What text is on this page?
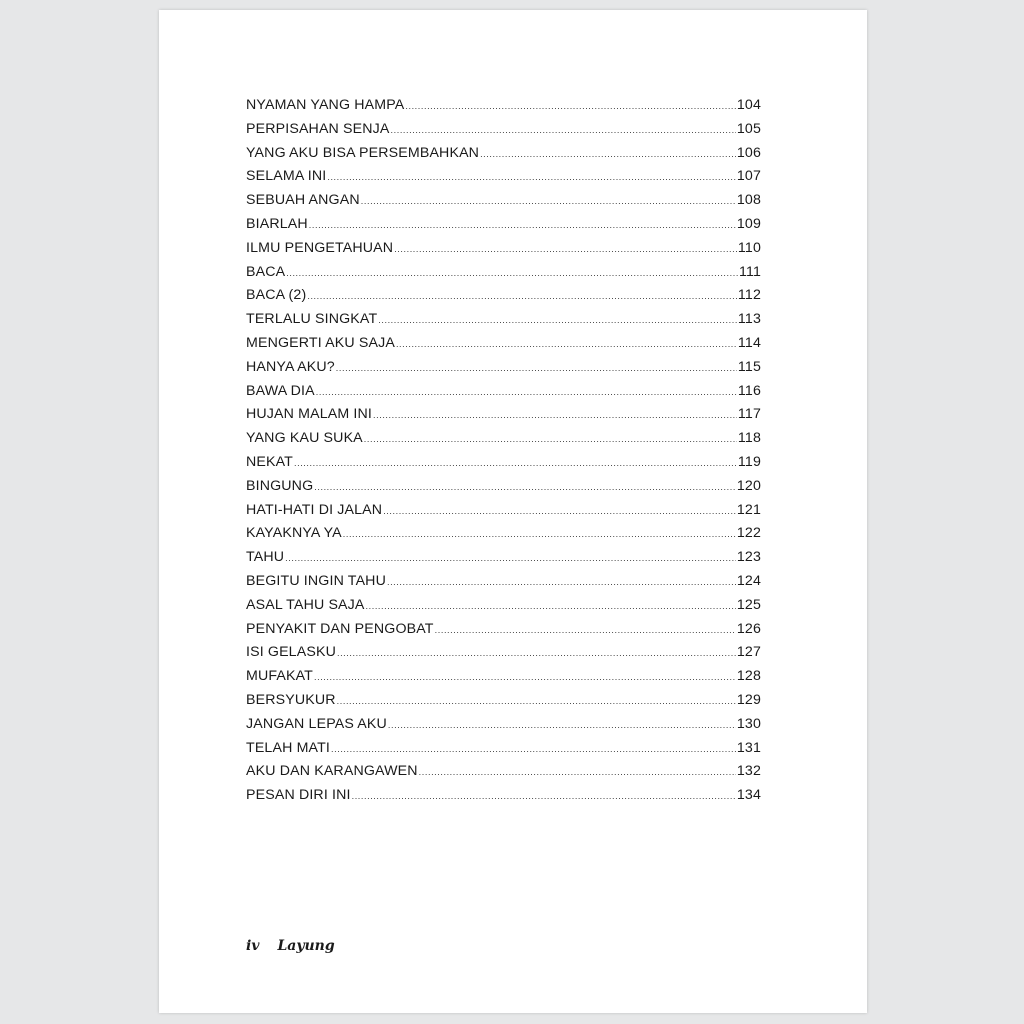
NYAMAN YANG HAMPA .....	104
PERPISAHAN SENJA .....	105
YANG AKU BISA PERSEMBAHKAN .....	106
SELAMA INI .....	107
SEBUAH ANGAN .....	108
BIARLAH .....	109
ILMU PENGETAHUAN .....	110
BACA .....	111
BACA (2) .....	112
TERLALU SINGKAT .....	113
MENGERTI AKU SAJA .....	114
HANYA AKU? .....	115
BAWA DIA .....	116
HUJAN MALAM INI .....	117
YANG KAU SUKA .....	118
NEKAT .....	119
BINGUNG .....	120
HATI-HATI DI JALAN .....	121
KAYAKNYA YA .....	122
TAHU .....	123
BEGITU INGIN TAHU .....	124
ASAL TAHU SAJA .....	125
PENYAKIT DAN PENGOBAT .....	126
ISI GELASKU .....	127
MUFAKAT .....	128
BERSYUKUR .....	129
JANGAN LEPAS AKU .....	130
TELAH MATI .....	131
AKU DAN KARANGAWEN .....	132
PESAN DIRI INI .....	134
iv Layung
